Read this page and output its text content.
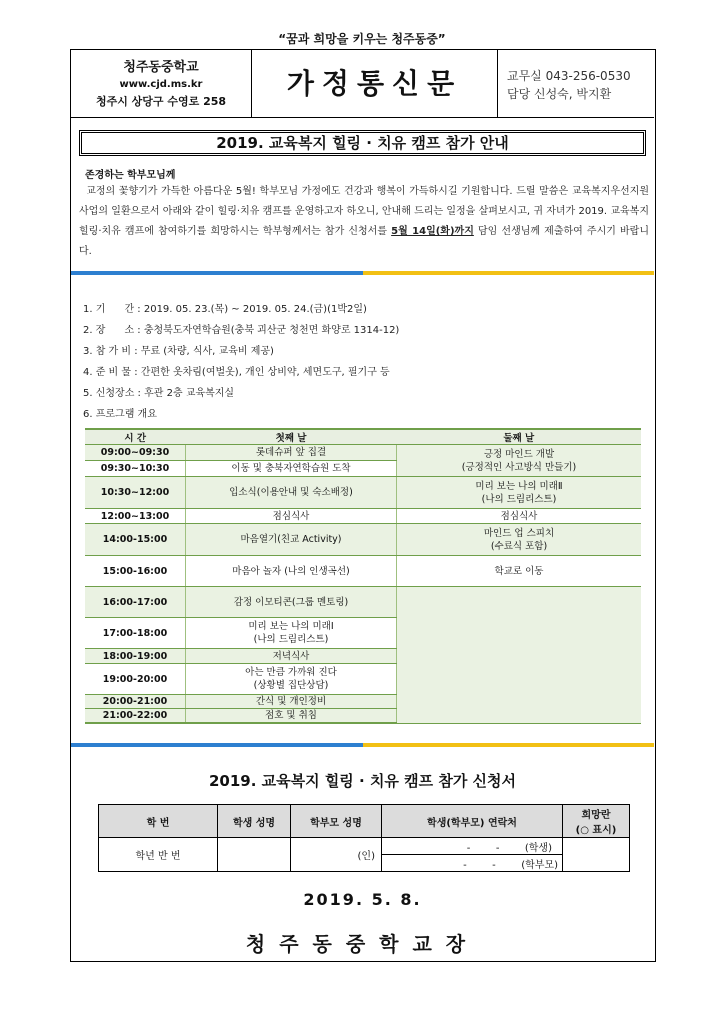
“꿈과 희망을 키우는 청주동중”
청주동중학교
www.cjd.ms.kr
청주시 상당구 수영로 258
가정통신문	교무실 043-256-0530
담당 신성숙, 박지환
2019. 교육복지 힐링 · 치유 캠프 참가 안내
존경하는 학부모님께
교정의 꽃향기가 가득한 아름다운 5월! 학부모님 가정에도 건강과 행복이 가득하시길 기원합니다. 드릴 말씀은 교육복지우선지원사업의 일환으로서 아래와 같이 힐링·치유 캠프를 운영하고자 하오니, 안내해 드리는 일정을 살펴보시고, 귀 자녀가 2019. 교육복지 힐링·치유 캠프에 참여하기를 희망하시는 학부형께서는 참가 신청서를 5월 14일(화)까지 담임 선생님께 제출하여 주시기 바랍니다.
1. 기      간 : 2019. 05. 23.(목) ~ 2019. 05. 24.(금)(1박2일)
2. 장      소 : 충청북도자연학습원(충북 괴산군 청천면 화양로 1314-12)
3. 참 가 비 : 무료 (차량, 식사, 교육비 제공)
4. 준 비 물 : 간편한 옷차림(여벌옷), 개인 상비약, 세면도구, 필기구 등
5. 신청장소 : 후관 2층 교육복지실
6. 프로그램 개요
시 간	첫째 날	둘째 날
09:00~09:30	롯데슈퍼 앞 집결	긍정 마인드 개발
(긍정적인 사고방식 만들기)

09:30~10:30	이동 및 충북자연학습원 도착	
10:30~12:00	입소식(이용안내 및 숙소배정)	미리 보는 나의 미래Ⅱ
(나의 드림리스트)

12:00~13:00	점심식사	점심식사
14:00-15:00	마음열기(친교 Activity)	마인드 업 스피치
(수료식 포함)

15:00-16:00	마음아 놀자 (나의 인생곡선)	학교로 이동
16:00-17:00	감정 이모티콘(그룹 멘토링)	
17:00-18:00	미리 보는 나의 미래Ⅰ
(나의 드림리스트)	

18:00-19:00	저녁식사	
19:00-20:00	아는 만큼 가까워 진다
(상황별 집단상담)	

20:00-21:00	간식 및 개인정비	
21:00-22:00	점호 및 취침	
2019. 교육복지 힐링 · 치유 캠프 참가 신청서
학 번	학생 성명	학부모 성명	학생(학부모) 연락처	희망란
(○ 표시)

학년 반 번		(인)	-        -        (학생)	
			-        -        (학부모)	
2019. 5. 8.
청주동중학교장
